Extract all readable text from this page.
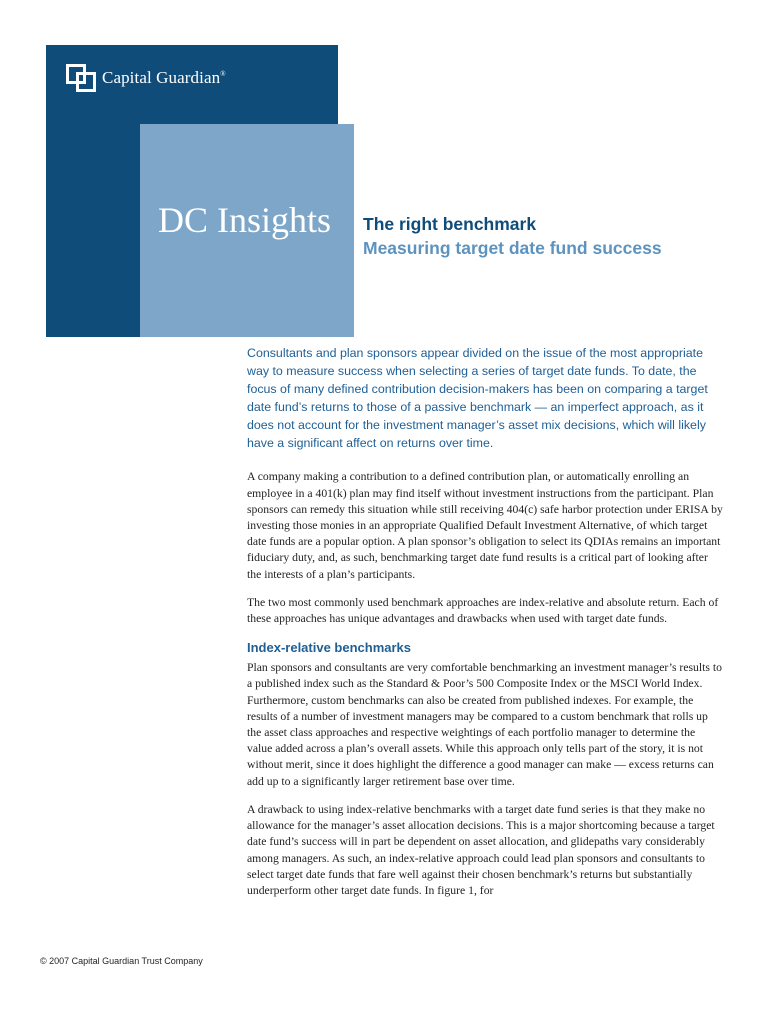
Capital Guardian®
DC Insights The right benchmark
Measuring target date fund success

Consultants and plan sponsors appear divided on the issue of the most appropriate way to measure success when selecting a series of target date funds. To date, the focus of many defined contribution decision-makers has been on comparing a target date fund’s returns to those of a passive benchmark — an imperfect approach, as it does not account for the investment manager’s asset mix decisions, which will likely have a significant affect on returns over time.

A company making a contribution to a defined contribution plan, or automatically enrolling an employee in a 401(k) plan may find itself without investment instructions from the participant. Plan sponsors can remedy this situation while still receiving 404(c) safe harbor protection under ERISA by investing those monies in an appropriate Qualified Default Investment Alternative, of which target date funds are a popular option. A plan sponsor’s obligation to select its QDIAs remains an important fiduciary duty, and, as such, benchmarking target date fund results is a critical part of looking after the interests of a plan’s participants.

The two most commonly used benchmark approaches are index-relative and absolute return. Each of these approaches has unique advantages and drawbacks when used with target date funds.

Index-relative benchmarks

Plan sponsors and consultants are very comfortable benchmarking an investment manager’s results to a published index such as the Standard & Poor’s 500 Composite Index or the MSCI World Index. Furthermore, custom benchmarks can also be created from published indexes. For example, the results of a number of investment managers may be compared to a custom benchmark that rolls up the asset class approaches and respective weightings of each portfolio manager to determine the value added across a plan’s overall assets. While this approach only tells part of the story, it is not without merit, since it does highlight the difference a good manager can make — excess returns can add up to a significantly larger retirement base over time.

A drawback to using index-relative benchmarks with a target date fund series is that they make no allowance for the manager’s asset allocation decisions. This is a major shortcoming because a target date fund’s success will in part be dependent on asset allocation, and glidepaths vary considerably among managers. As such, an index-relative approach could lead plan sponsors and consultants to select target date funds that fare well against their chosen benchmark’s returns but substantially underperform other target date funds. In figure 1, for

© 2007 Capital Guardian Trust Company
